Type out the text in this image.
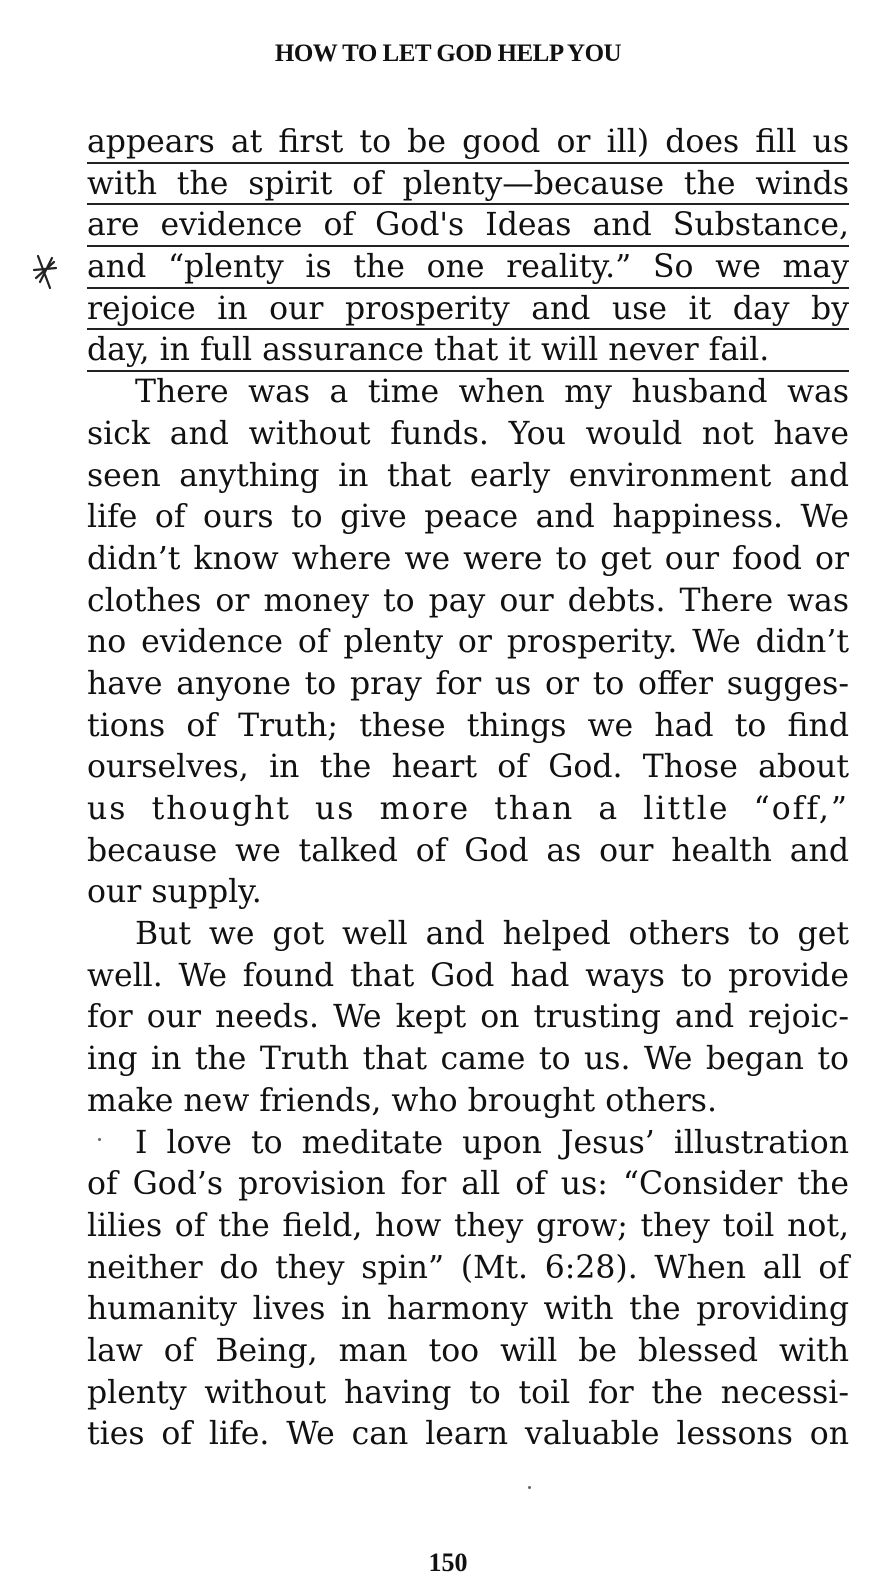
HOW TO LET GOD HELP YOU
appears at first to be good or ill) does fill us
with the spirit of plenty—because the winds
are evidence of God's Ideas and Substance,
and “plenty is the one reality.” So we may
rejoice in our prosperity and use it day by
day, in full assurance that it will never fail.
There was a time when my husband was
sick and without funds. You would not have
seen anything in that early environment and
life of ours to give peace and happiness. We
didn’t know where we were to get our food or
clothes or money to pay our debts. There was
no evidence of plenty or prosperity. We didn’t
have anyone to pray for us or to offer sugges-
tions of Truth; these things we had to find
ourselves, in the heart of God. Those about
us thought us more than a little “off,”
because we talked of God as our health and
our supply.
But we got well and helped others to get
well. We found that God had ways to provide
for our needs. We kept on trusting and rejoic-
ing in the Truth that came to us. We began to
make new friends, who brought others.
I love to meditate upon Jesus’ illustration
of God’s provision for all of us: “Consider the
lilies of the field, how they grow; they toil not,
neither do they spin” (Mt. 6:28). When all of
humanity lives in harmony with the providing
law of Being, man too will be blessed with
plenty without having to toil for the necessi-
ties of life. We can learn valuable lessons on
150
